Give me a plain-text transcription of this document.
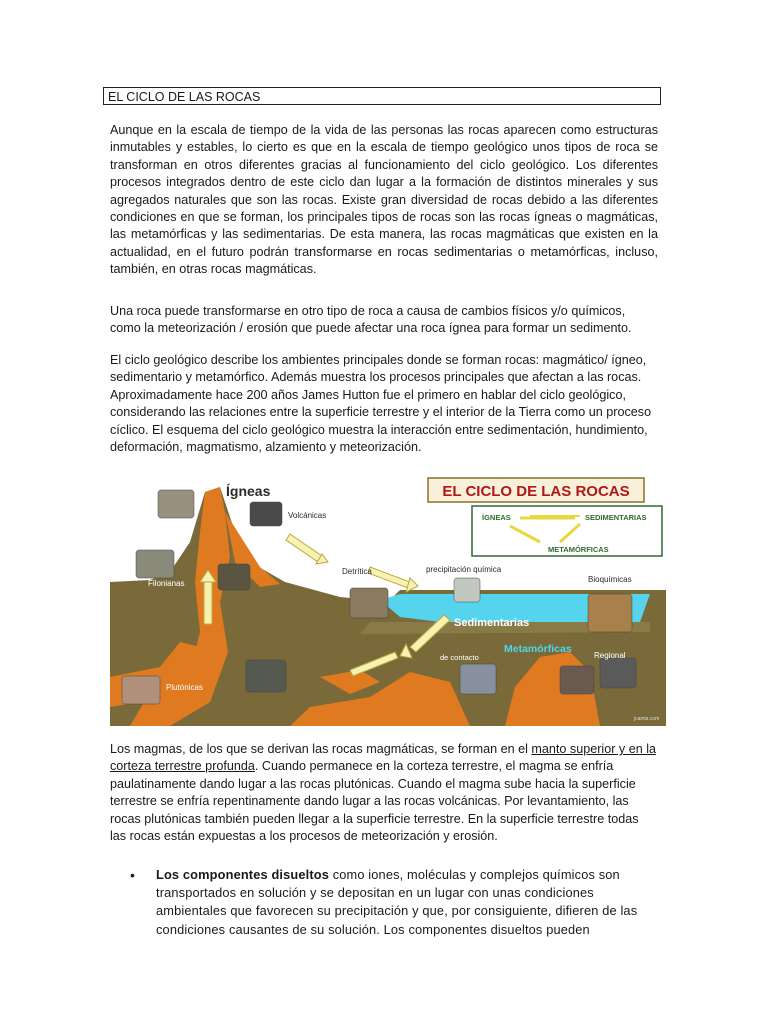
EL CICLO DE LAS ROCAS

Aunque en la escala de tiempo de la vida de las personas las rocas aparecen como estructuras inmutables y estables, lo cierto es que en la escala de tiempo geológico unos tipos de roca se transforman en otros diferentes gracias al funcionamiento del ciclo geológico. Los diferentes procesos integrados dentro de este ciclo dan lugar a la formación de distintos minerales y sus agregados naturales que son las rocas. Existe gran diversidad de rocas debido a las diferentes condiciones en que se forman, los principales tipos de rocas son las rocas ígneas o magmáticas, las metamórficas y las sedimentarias. De esta manera, las rocas magmáticas que existen en la actualidad, en el futuro podrán transformarse en rocas sedimentarias o metamórficas, incluso, también, en otras rocas magmáticas.

Una roca puede transformarse en otro tipo de roca a causa de cambios físicos y/o químicos, como la meteorización / erosión que puede afectar una roca ígnea para formar un sedimento.

El ciclo geológico describe los ambientes principales donde se forman rocas: magmático/ ígneo, sedimentario y metamórfico. Además muestra los procesos principales que afectan a las rocas. Aproximadamente hace 200 años James Hutton fue el primero en hablar del ciclo geológico, considerando las relaciones entre la superficie terrestre y el interior de la Tierra como un proceso cíclico. El esquema del ciclo geológico muestra la interacción entre sedimentación, hundimiento, deformación, magmatismo, alzamiento y meteorización.

EL CICLO DE LAS ROCAS
ÍGNEAS	SEDIMENTARIAS
METAMÓRFICAS
Ígneas
Volcánicas
Filonianas
Detrítica	precipitación química
Bioquímicas
Sedimentarias
de contacto
Metamórficas
Regional
Plutónicas
jcamla.com

Los magmas, de los que se derivan las rocas magmáticas, se forman en el manto superior y en la corteza terrestre profunda. Cuando permanece en la corteza terrestre, el magma se enfría paulatinamente dando lugar a las rocas plutónicas. Cuando el magma sube hacia la superficie terrestre se enfría repentinamente dando lugar a las rocas volcánicas. Por levantamiento, las rocas plutónicas también pueden llegar a la superficie terrestre. En la superficie terrestre todas las rocas están expuestas a los procesos de meteorización y erosión.

• Los componentes disueltos como iones, moléculas y complejos químicos son transportados en solución y se depositan en un lugar con unas condiciones ambientales que favorecen su precipitación y que, por consiguiente, difieren de las condiciones causantes de su solución. Los componentes disueltos pueden
